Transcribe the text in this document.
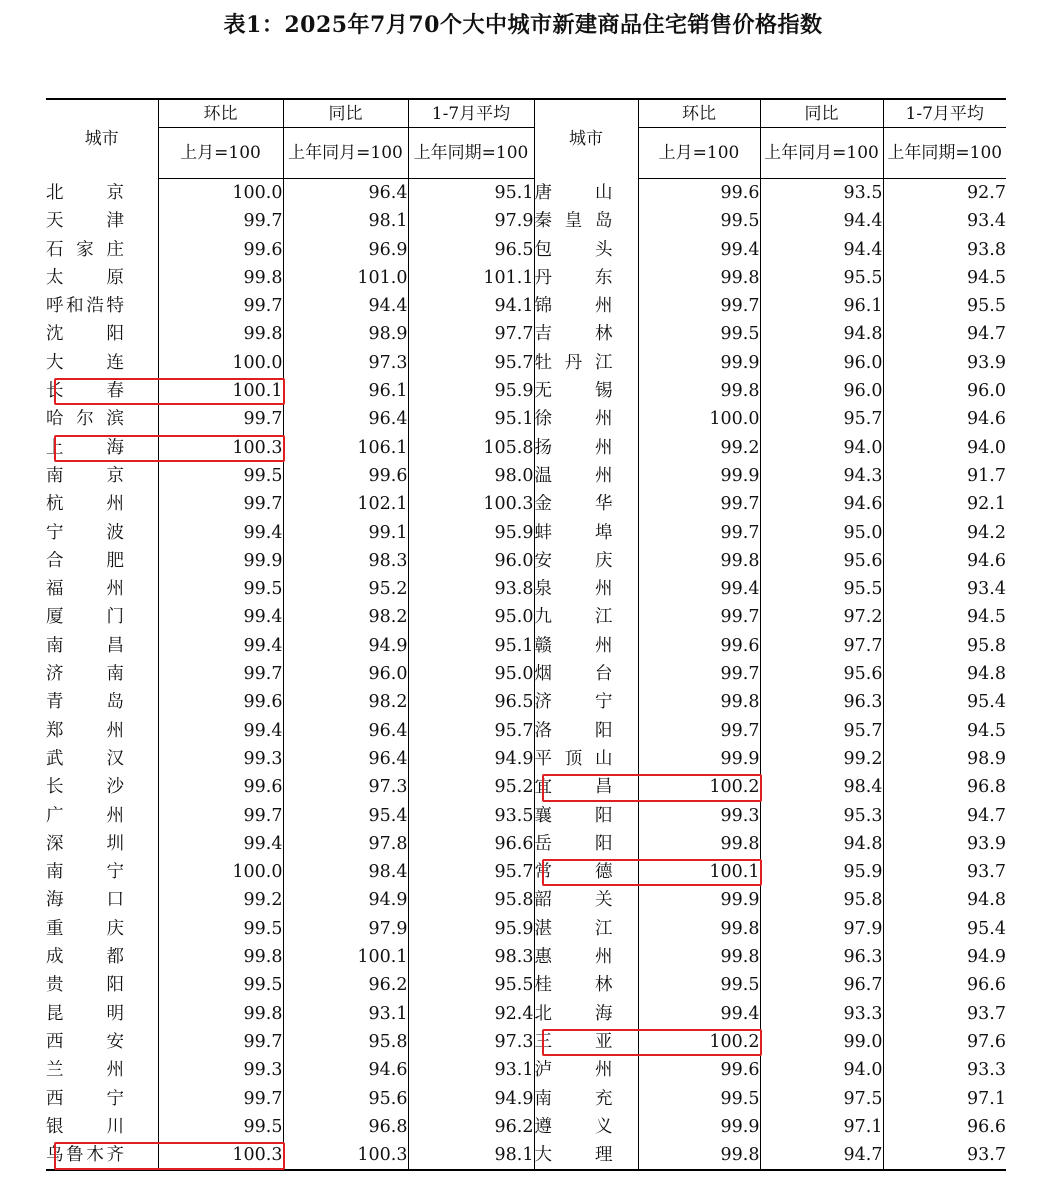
表1：2025年7月70个大中城市新建商品住宅销售价格指数
城市	环比	同比	1-7月平均	城市	环比	同比	1-7月平均
	上月=100	上年同月=100	上年同期=100		上月=100	上年同月=100	上年同期=100
北京	100.0	96.4	95.1	唐山	99.6	93.5	92.7
天津	99.7	98.1	97.9	秦皇岛	99.5	94.4	93.4
石家庄	99.6	96.9	96.5	包头	99.4	94.4	93.8
太原	99.8	101.0	101.1	丹东	99.8	95.5	94.5
呼和浩特	99.7	94.4	94.1	锦州	99.7	96.1	95.5
沈阳	99.8	98.9	97.7	吉林	99.5	94.8	94.7
大连	100.0	97.3	95.7	牡丹江	99.9	96.0	93.9
长春	100.1	96.1	95.9	无锡	99.8	96.0	96.0
哈尔滨	99.7	96.4	95.1	徐州	100.0	95.7	94.6
上海	100.3	106.1	105.8	扬州	99.2	94.0	94.0
南京	99.5	99.6	98.0	温州	99.9	94.3	91.7
杭州	99.7	102.1	100.3	金华	99.7	94.6	92.1
宁波	99.4	99.1	95.9	蚌埠	99.7	95.0	94.2
合肥	99.9	98.3	96.0	安庆	99.8	95.6	94.6
福州	99.5	95.2	93.8	泉州	99.4	95.5	93.4
厦门	99.4	98.2	95.0	九江	99.7	97.2	94.5
南昌	99.4	94.9	95.1	赣州	99.6	97.7	95.8
济南	99.7	96.0	95.0	烟台	99.7	95.6	94.8
青岛	99.6	98.2	96.5	济宁	99.8	96.3	95.4
郑州	99.4	96.4	95.7	洛阳	99.7	95.7	94.5
武汉	99.3	96.4	94.9	平顶山	99.9	99.2	98.9
长沙	99.6	97.3	95.2	宜昌	100.2	98.4	96.8
广州	99.7	95.4	93.5	襄阳	99.3	95.3	94.7
深圳	99.4	97.8	96.6	岳阳	99.8	94.8	93.9
南宁	100.0	98.4	95.7	常德	100.1	95.9	93.7
海口	99.2	94.9	95.8	韶关	99.9	95.8	94.8
重庆	99.5	97.9	95.9	湛江	99.8	97.9	95.4
成都	99.8	100.1	98.3	惠州	99.8	96.3	94.9
贵阳	99.5	96.2	95.5	桂林	99.5	96.7	96.6
昆明	99.8	93.1	92.4	北海	99.4	93.3	93.7
西安	99.7	95.8	97.3	三亚	100.2	99.0	97.6
兰州	99.3	94.6	93.1	泸州	99.6	94.0	93.3
西宁	99.7	95.6	94.9	南充	99.5	97.5	97.1
银川	99.5	96.8	96.2	遵义	99.9	97.1	96.6
乌鲁木齐	100.3	100.3	98.1	大理	99.8	94.7	93.7
